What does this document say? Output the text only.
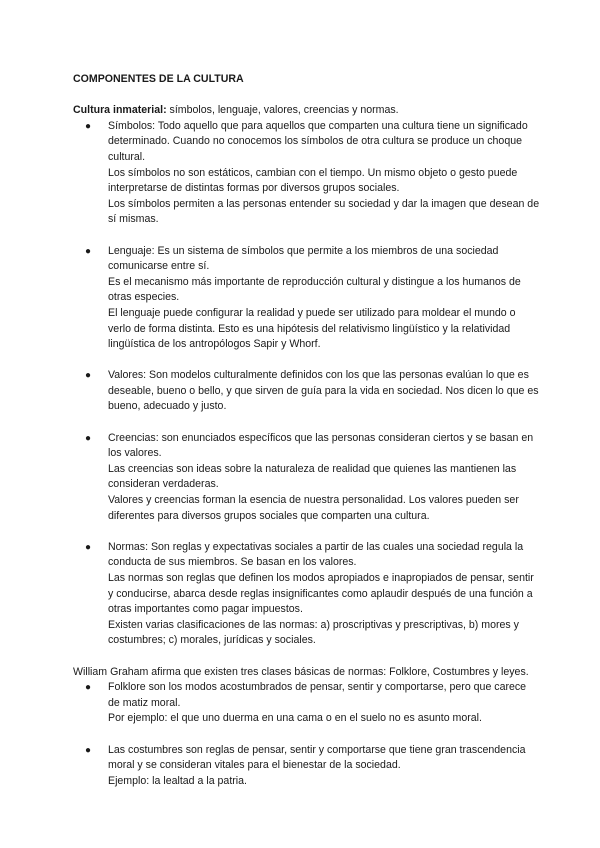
COMPONENTES DE LA CULTURA

Cultura inmaterial: símbolos, lenguaje, valores, creencias y normas.

● Símbolos: Todo aquello que para aquellos que comparten una cultura tiene un significado determinado. Cuando no conocemos los símbolos de otra cultura se produce un choque cultural.

Los símbolos no son estáticos, cambian con el tiempo. Un mismo objeto o gesto puede interpretarse de distintas formas por diversos grupos sociales.

Los símbolos permiten a las personas entender su sociedad y dar la imagen que desean de sí mismas.

● Lenguaje: Es un sistema de símbolos que permite a los miembros de una sociedad comunicarse entre sí.

Es el mecanismo más importante de reproducción cultural y distingue a los humanos de otras especies.

El lenguaje puede configurar la realidad y puede ser utilizado para moldear el mundo o verlo de forma distinta. Esto es una hipótesis del relativismo lingüístico y la relatividad lingüística de los antropólogos Sapir y Whorf.

● Valores: Son modelos culturalmente definidos con los que las personas evalúan lo que es deseable, bueno o bello, y que sirven de guía para la vida en sociedad. Nos dicen lo que es bueno, adecuado y justo.

● Creencias: son enunciados específicos que las personas consideran ciertos y se basan en los valores.

Las creencias son ideas sobre la naturaleza de realidad que quienes las mantienen las consideran verdaderas.

Valores y creencias forman la esencia de nuestra personalidad. Los valores pueden ser diferentes para diversos grupos sociales que comparten una cultura.

● Normas: Son reglas y expectativas sociales a partir de las cuales una sociedad regula la conducta de sus miembros. Se basan en los valores.

Las normas son reglas que definen los modos apropiados e inapropiados de pensar, sentir y conducirse, abarca desde reglas insignificantes como aplaudir después de una función a otras importantes como pagar impuestos.

Existen varias clasificaciones de las normas: a) proscriptivas y prescriptivas, b) mores y costumbres; c) morales, jurídicas y sociales.

William Graham afirma que existen tres clases básicas de normas: Folklore, Costumbres y leyes.

● Folklore son los modos acostumbrados de pensar, sentir y comportarse, pero que carece de matiz moral.

Por ejemplo: el que uno duerma en una cama o en el suelo no es asunto moral.

● Las costumbres son reglas de pensar, sentir y comportarse que tiene gran trascendencia moral y se consideran vitales para el bienestar de la sociedad.

Ejemplo: la lealtad a la patria.
